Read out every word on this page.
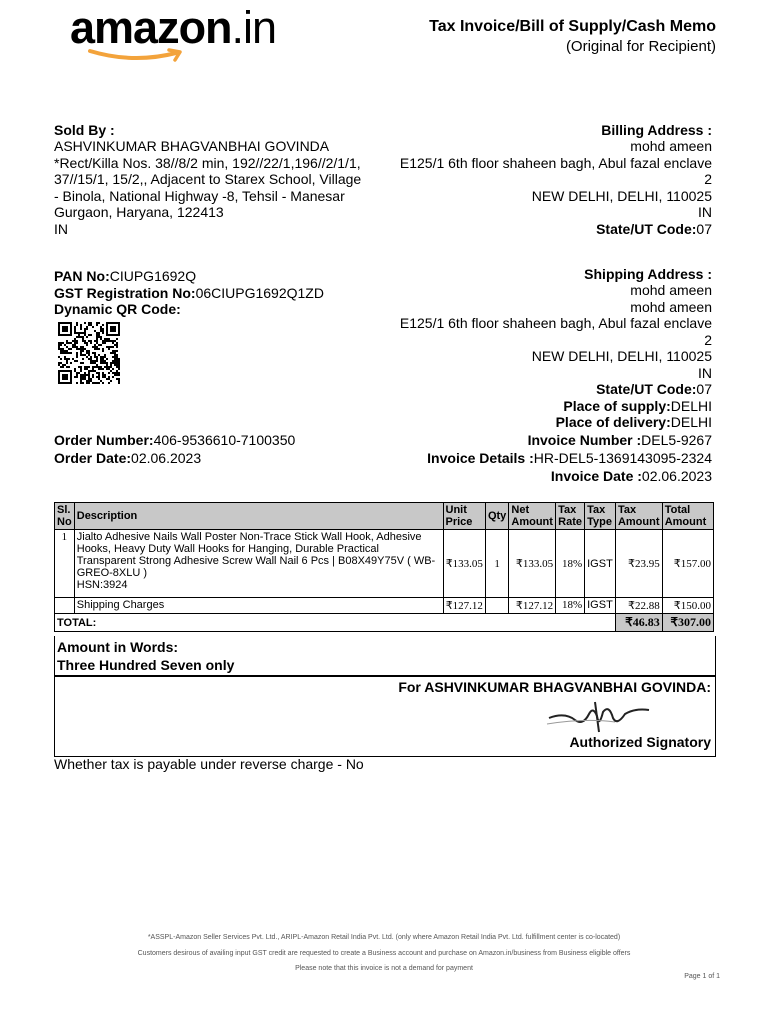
amazon.in	Tax Invoice/Bill of Supply/Cash Memo
(Original for Recipient)
Sold By :
ASHVINKUMAR BHAGVANBHAI GOVINDA
*Rect/Killa Nos. 38//8/2 min, 192//22/1,196//2/1/1,
37//15/1, 15/2,, Adjacent to Starex School, Village
- Binola, National Highway -8, Tehsil - Manesar
Gurgaon, Haryana, 122413
IN
Billing Address :
mohd ameen
E125/1 6th floor shaheen bagh, Abul fazal enclave
2
NEW DELHI, DELHI, 110025
IN
State/UT Code:07
PAN No:CIUPG1692Q
GST Registration No:06CIUPG1692Q1ZD
Dynamic QR Code:
Shipping Address :
mohd ameen
mohd ameen
E125/1 6th floor shaheen bagh, Abul fazal enclave
2
NEW DELHI, DELHI, 110025
IN
State/UT Code:07
Place of supply:DELHI
Place of delivery:DELHI
Order Number:406-9536610-7100350
Order Date:02.06.2023
Invoice Number :DEL5-9267
Invoice Details :HR-DEL5-1369143095-2324
Invoice Date :02.06.2023
Sl. No	Description	Unit Price	Qty	Net Amount	Tax Rate	Tax Type	Tax Amount	Total Amount
1	Jialto Adhesive Nails Wall Poster Non-Trace Stick Wall Hook, Adhesive Hooks, Heavy Duty Wall Hooks for Hanging, Durable Practical Transparent Strong Adhesive Screw Wall Nail 6 Pcs | B08X49Y75V ( WB-GREO-8XLU )
HSN:3924	₹133.05	1	₹133.05	18%	IGST	₹23.95	₹157.00
	Shipping Charges	₹127.12		₹127.12	18%	IGST	₹22.88	₹150.00
TOTAL:							₹46.83	₹307.00
Amount in Words:
Three Hundred Seven only
For ASHVINKUMAR BHAGVANBHAI GOVINDA:
Authorized Signatory
Whether tax is payable under reverse charge - No
*ASSPL-Amazon Seller Services Pvt. Ltd., ARIPL-Amazon Retail India Pvt. Ltd. (only where Amazon Retail India Pvt. Ltd. fulfillment center is co-located)
Customers desirous of availing input GST credit are requested to create a Business account and purchase on Amazon.in/business from Business eligible offers
Please note that this invoice is not a demand for payment
Page 1 of 1
